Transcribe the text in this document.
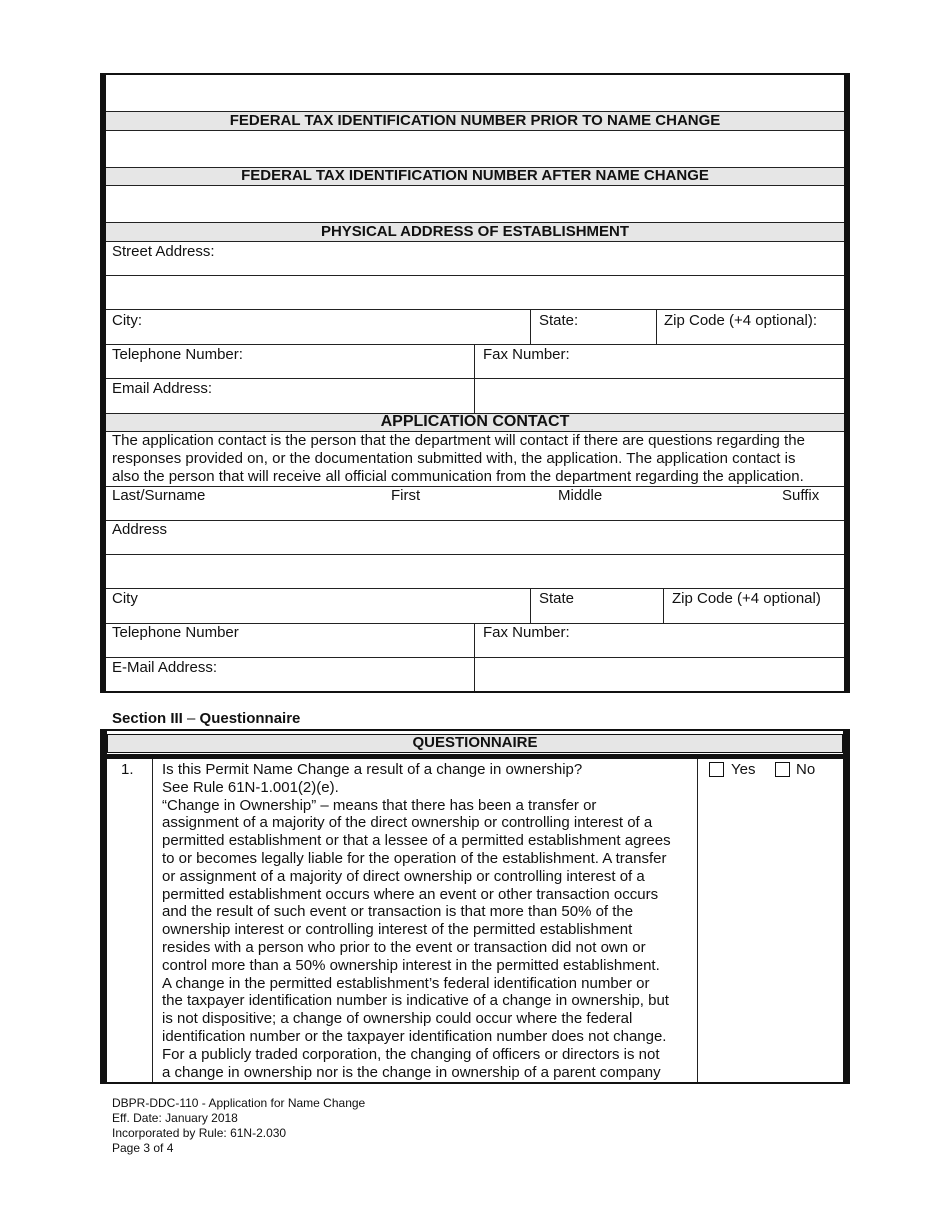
FEDERAL TAX IDENTIFICATION NUMBER PRIOR TO NAME CHANGE
FEDERAL TAX IDENTIFICATION NUMBER AFTER NAME CHANGE
PHYSICAL ADDRESS OF ESTABLISHMENT
Street Address:
City:	State:	Zip Code (+4 optional):
Telephone Number:	Fax Number:
Email Address:
APPLICATION CONTACT
The application contact is the person that the department will contact if there are questions regarding the
responses provided on, or the documentation submitted with, the application. The application contact is
also the person that will receive all official communication from the department regarding the application.
Last/Surname	First	Middle	Suffix
Address
City	State	Zip Code (+4 optional)
Telephone Number	Fax Number:
E-Mail Address:
Section III – Questionnaire
QUESTIONNAIRE
1. Is this Permit Name Change a result of a change in ownership?
See Rule 61N-1.001(2)(e).
“Change in Ownership” – means that there has been a transfer or
assignment of a majority of the direct ownership or controlling interest of a
permitted establishment or that a lessee of a permitted establishment agrees
to or becomes legally liable for the operation of the establishment. A transfer
or assignment of a majority of direct ownership or controlling interest of a
permitted establishment occurs where an event or other transaction occurs
and the result of such event or transaction is that more than 50% of the
ownership interest or controlling interest of the permitted establishment
resides with a person who prior to the event or transaction did not own or
control more than a 50% ownership interest in the permitted establishment.
A change in the permitted establishment’s federal identification number or
the taxpayer identification number is indicative of a change in ownership, but
is not dispositive; a change of ownership could occur where the federal
identification number or the taxpayer identification number does not change.
For a publicly traded corporation, the changing of officers or directors is not
a change in ownership nor is the change in ownership of a parent company
Yes	No
DBPR-DDC-110 - Application for Name Change
Eff. Date: January 2018
Incorporated by Rule: 61N-2.030
Page 3 of 4
